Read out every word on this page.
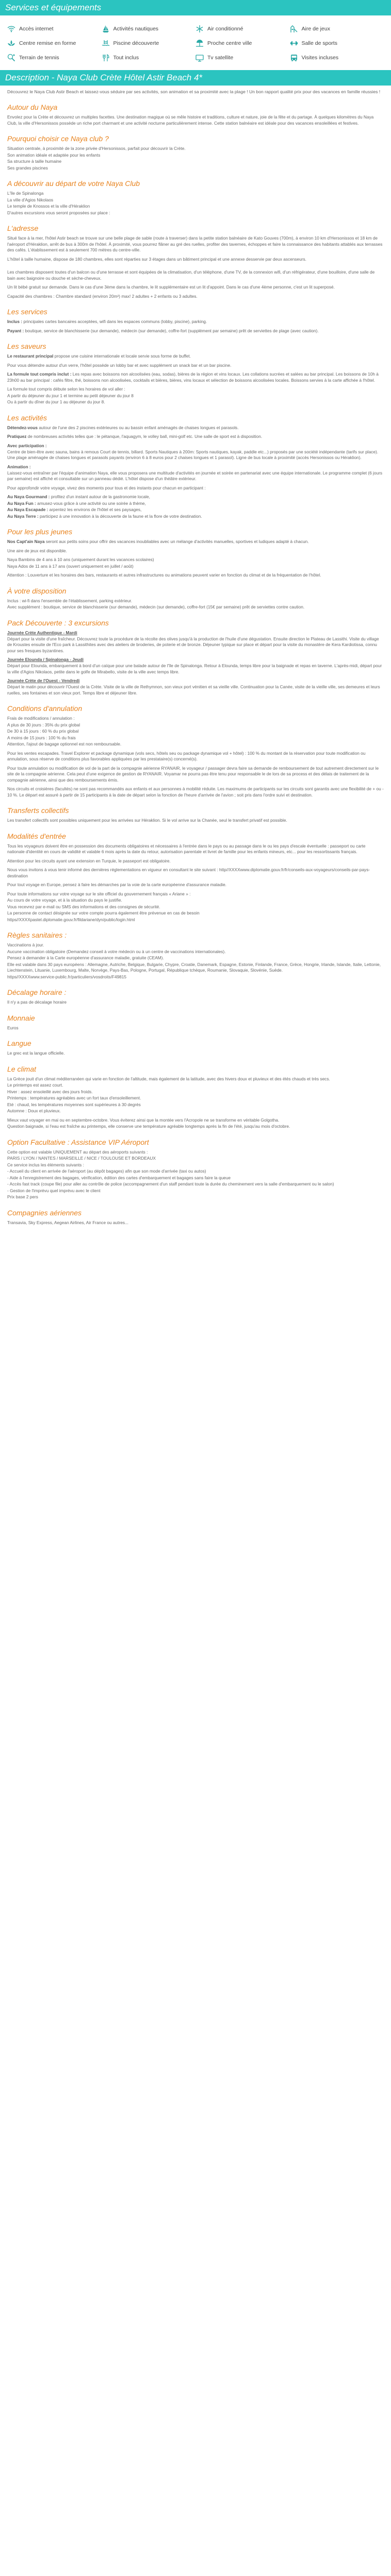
Services et équipements
Accès internet	Activités nautiques	Air conditionné	Aire de jeux
Centre remise en forme	Piscine découverte	Proche centre ville	Salle de sports
Terrain de tennis	Tout inclus	Tv satellite	Visites incluses
Description - Naya Club Crète Hôtel Astir Beach 4*

Découvrez le Naya Club Astir Beach et laissez-vous séduire par ses activités, son animation et sa proximité avec la plage ! Un bon rapport qualité prix pour des vacances en famille réussies !

Autour du Naya

Envolez pour la Crète et découvrez un multiples facettes. Une destination magique où se mêle histoire et traditions, culture et nature, joie de la fête et du partage. À quelques kilomètres du Naya Club, la ville d'Hersonissos possède un riche port charmant et une activité nocturne particulièrement intense. Cette station balnéaire est idéale pour des vacances ensoleillées et festives.

Pourquoi choisir ce Naya club ?

Situation centrale, à proximité de la zone privée d'Hersonissos, parfait pour découvrir la Crète.

Son animation idéale et adaptée pour les enfants

Sa structure à taille humaine

Ses grandes piscines

A découvrir au départ de votre Naya Club

L'île de Spinalonga

La ville d'Agios Nikolaos

Le temple de Knossos et la ville d'Héraklion

D'autres excursions vous seront proposées sur place :

L'adresse

Situé face à la mer, l'hôtel Astir beach se trouve sur une belle plage de sable (route à traverser) dans la petite station balnéaire de Kato Gouves (700m), à environ 10 km d'Hersonissos et 18 km de l'aéroport d'Héraklion, arrêt de bus à 300m de l'hôtel. À proximité, vous pourrez flâner au gré des ruelles, profiter des tavernes, échoppes et faire la connaissance des habitants attablés aux terrasses des cafés. L'établissement est à seulement 700 mètres du centre-ville.

L'hôtel à taille humaine, dispose de 180 chambres, elles sont réparties sur 3 étages dans un bâtiment principal et une annexe desservie par deux ascenseurs.

Les chambres disposent toutes d'un balcon ou d'une terrasse et sont équipées de la climatisation, d'un téléphone, d'une TV, de la connexion wifi, d'un réfrigérateur, d'une bouilloire, d'une salle de bain avec baignoire ou douche et sèche-cheveux.

Un lit bébé gratuit sur demande. Dans le cas d'une 3ème dans la chambre, le lit supplémentaire est un lit d'appoint. Dans le cas d'une 4ème personne, c'est un lit superposé.

Capacité des chambres : Chambre standard (environ 20m²) max! 2 adultes + 2 enfants ou 3 adultes.

Les services

Inclus : principales cartes bancaires acceptées, wifi dans les espaces communs (lobby, piscine), parking.

Payant : boutique, service de blanchisserie (sur demande), médecin (sur demande), coffre-fort (supplément par semaine) prêt de serviettes de plage (avec caution).

Les saveurs

Le restaurant principal propose une cuisine internationale et locale servie sous forme de buffet.

Pour vous détendre autour d'un verre, l'hôtel possède un lobby bar et avec supplément un snack bar et un bar piscine.

La formule tout compris inclut : Les repas avec boissons non alcoolisées (eau, sodas), bières de la région et vins locaux. Les collations sucrées et salées au bar principal. Les boissons de 10h à 23h00 au bar principal : cafés filtre, thé, boissons non alcoolisées, cocktails et bières, bières, vins locaux et sélection de boissons alcoolisées locales. Boissons servies à la carte affichée à l'hôtel.

La formule tout compris débute selon les horaires de vol aller :

A partir du déjeuner du jour 1 et termine au petit déjeuner du jour 8

Ou à partir du dîner du jour 1 au déjeuner du jour 8.

Les activités

Détendez-vous autour de l'une des 2 piscines extérieures ou au bassin enfant aménagés de chaises longues et parasols.

Pratiquez de nombreuses activités telles que : le pétanque, l'aquagym, le volley ball, mini-golf etc. Une salle de sport est à disposition.

Avec participation :

Centre de bien-être avec sauna, bains à remous Court de tennis, billard. Sports Nautiques à 200m: Sports nautiques, kayak, paddle etc...) proposés par une société indépendante (tarifs sur place). Une plage aménagée de chaises longues et parasols payants (environ 6 à 8 euros pour 2 chaises longues et 1 parasol). Ligne de bus locale à proximité (accès Hersonissos ou Héraklion).

Animation :

Laissez-vous entraîner par l'équipe d'animation Naya, elle vous proposera une multitude d'activités en journée et soirée en partenariat avec une équipe internationale. Le programme complet (6 jours par semaine) est affiché et consultable sur un panneau dédié. L'hôtel dispose d'un théâtre extérieur.

Pour approfondir votre voyage, vivez des moments pour tous et des instants pour chacun en participant :

Au Naya Gourmand : profitez d'un instant autour de la gastronomie locale,

Au Naya Fun : amusez-vous grâce à une activité ou une soirée à thème,

Au Naya Escapade : arpentez les environs de l'hôtel et ses paysages,

Au Naya Terre : participez à une innovation à la découverte de la faune et la flore de votre destination.

Pour les plus jeunes

Nos Capt'ain Naya seront aux petits soins pour offrir des vacances inoubliables avec un mélange d'activités manuelles, sportives et ludiques adapté à chacun.

Une aire de jeux est disponible.

Naya Bambins de 4 ans à 10 ans (uniquement durant les vacances scolaires)

Naya Ados de 11 ans à 17 ans (ouvert uniquement en juillet / août)

Attention : Louverture et les horaires des bars, restaurants et autres infrastructures ou animations peuvent varier en fonction du climat et de la fréquentation de l'hôtel.

À votre disposition

Inclus : wi-fi dans l'ensemble de l'établissement, parking extérieur.

Avec supplément : boutique, service de blanchisserie (sur demande), médecin (sur demande), coffre-fort (15€ par semaine) prêt de serviettes contre caution.

Pack Découverte : 3 excursions

Journée Crète Authentique - Mardi

Départ pour la visite d'une fraîcheur. Découvrez toute la procédure de la récolte des olives jusqu'à la production de l'huile d'une dégustation. Ensuite direction le Plateau de Lassithi. Visite du village de Kroustes ensuite de l'Eco park à Lassithites avec des ateliers de broderies, de poterie et de bronze. Déjeuner typique sur place et départ pour la visite du monastère de Kera Kardiotissa, connu pour ses fresques byzantines.

Journée Elounda / Spinalonga - Jeudi

Départ pour Elounda, embarquement à bord d'un caïque pour une balade autour de l'île de Spinalonga. Retour à Elounda, temps libre pour la baignade et repas en taverne. L'après-midi, départ pour la ville d'Agios Nikolaos, petite dans le golfe de Mirabello, visite de la ville avec temps libre.

Journée Crète de l'Ouest - Vendredi

Départ le matin pour découvrir l'Ouest de la Crète. Visite de la ville de Rethymnon, son vieux port vénitien et sa vieille ville. Continuation pour la Canée, visite de la vieille ville, ses demeures et leurs ruelles, ses fontaines et son vieux port. Temps libre et déjeuner libre.

Conditions d'annulation

Frais de modifications / annulation :

A plus de 30 jours : 35% du prix global

De 30 à 15 jours : 60 % du prix global

A moins de 15 jours : 100 % du frais

Attention, l'ajout de bagage optionnel est non remboursable.

Pour les ventes escapades. Travel Explorer et package dynamique (vols secs, hôtels seu ou package dynamique vol + hôtel) : 100 % du montant de la réservation pour toute modification ou annulation, sous réserve de conditions plus favorables appliquées par les prestataire(s) concerné(s).

Pour toute annulation ou modification de vol de la part de la compagnie aérienne RYANAIR, le voyageur / passager devra faire sa demande de remboursement de tout autrement directement sur le site de la compagnie aérienne. Cela peut d'une exigence de gestion de RYANAIR. Voyamar ne pourra pas être tenu pour responsable le de lors de sa process et des délais de traitement de la compagnie aérienne, ainsi que des remboursements émis.

Nos circuits et croisières (facultés) ne sont pas recommandés aux enfants et aux personnes à mobilité réduite. Les maximums de participants sur les circuits sont garantis avec une flexibilité de + ou - 10 %. Le départ est assuré à partir de 15 participants à la date de départ selon la fonction de l'heure d'arrivée de l'avion ; soit pris dans l'ordre suivi et destination.

Transferts collectifs

Les transfert collectifs sont possibles uniquement pour les arrivées sur Héraklion. Si le vol arrive sur la Chanée, seul le transfert privatif est possible.

Modalités d'entrée

Tous les voyageurs doivent être en possession des documents obligatoires et nécessaires à l'entrée dans le pays ou au passage dans le ou les pays d'escale éventuelle : passeport ou carte nationale d'identité en cours de validité et valable 6 mois après la date du retour, autorisation parentale et livret de famille pour les enfants mineurs, etc... pour les ressortissants français.

Attention pour les circuits ayant une extension en Turquie, le passeport est obligatoire.

Nous vous invitons à vous tenir informé des dernières réglementations en vigueur en consultant le site suivant : http//XXXXwww.diplomatie.gouv.fr/fr/conseils-aux-voyageurs/conseils-par-pays-destination

Pour tout voyage en Europe, pensez à faire les démarches par la voie de la carte européenne d'assurance maladie.

Pour toute informations sur votre voyage sur le site officiel du gouvernement français « Ariane » :

Au cours de votre voyage, et à la situation du pays le justifie.

Vous recevrez par e-mail ou SMS des informations et des consignes de sécurité.

La personne de contact désignée sur votre compte pourra également être prévenue en cas de besoin

https//XXXXpastel.diplomatie.gouv.fr/fildariane/dyn/public/login.html

Règles sanitaires :

Vaccinations à jour.

Aucune vaccination obligatoire (Demandez conseil à votre médecin ou à un centre de vaccinations internationales).

Pensez à demander à la Carte européenne d'assurance maladie, gratuite (CEAM).

Elle est valable dans 30 pays européens : Allemagne, Autriche, Belgique, Bulgarie, Chypre, Croatie, Danemark, Espagne, Estonie, Finlande, France, Grèce, Hongrie, Irlande, Islande, Italie, Lettonie, Liechtenstein, Lituanie, Luxembourg, Malte, Norvège, Pays-Bas, Pologne, Portugal, République tchèque, Roumanie, Slovaquie, Slovénie, Suède.

https//XXXXwww.service-public.fr/particuliers/vosdroits/F49815

Décalage horaire :

Il n'y a pas de décalage horaire

Monnaie

Euros

Langue

Le grec est la langue officielle.

Le climat

La Grèce jouit d'un climat méditerranéen qui varie en fonction de l'altitude, mais également de la latitude, avec des hivers doux et pluvieux et des étés chauds et très secs.

Le printemps est assez court.

Hiver : assez ensoleillé avec des jours froids.

Printemps : températures agréables avec un fort taux d'ensoleillement.

Eté : chaud, les températures moyennes sont supérieures à 30 degrés

Automne : Doux et pluvieux.

Mieux vaut voyager en mai ou en septembre-octobre. Vous éviterez ainsi que la montée vers l'Acropole ne se transforme en véritable Golgotha.

Question baignade, si l'eau est fraîche au printemps, elle conserve une température agréable longtemps après la fin de l'été, jusqu'au mois d'octobre.

Option Facultative : Assistance VIP Aéroport

Cette option est valable UNIQUEMENT au départ des aéroports suivants :

PARIS / LYON / NANTES / MARSEILLE / NICE / TOULOUSE ET BORDEAUX

Ce service inclus les éléments suivants :

- Accueil du client en arrivée de l'aéroport (au dépôt bagages) afin que son mode d'arrivée (taxi ou autos)

- Aide à l'enregistrement des bagages, vérification, édition des cartes d'embarquement et bagages sans faire la queue

- Accès fast track (coupe file) pour aller au contrôle de police (accompagnement d'un staff pendant toute la durée du cheminement vers la salle d'embarquement ou le salon)

- Gestion de l'imprévu quel imprévu avec le client

Prix base 2 pers

Compagnies aériennes

Transavia, Sky Express, Aegean Airlines, Air France ou autres...
